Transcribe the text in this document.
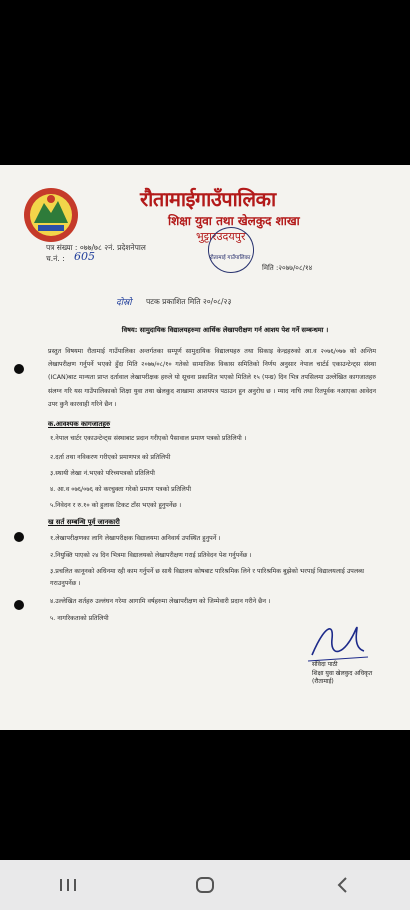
रौतामाईगाउँपालिका
शिक्षा युवा तथा खेलकुद शाखा
भुट्टारउदयपुर
पत्र संख्या : ०७७/७८ २नं. प्रदेशनेपाल
च.नं. : 605	रौतामाई गाउँपालिका
मिति :२०७७/०८/१४
दोस्रो पटक प्रकाशित मिति २०/०८/२३
विषय: सामुदायिक विद्यालयहरुमा आर्थिक लेखापरीक्षण गर्न आशय पेश गर्ने सम्बन्धमा ।
प्रस्तुत विषयमा रौतामाई गाउँपालिका अन्तर्गतका सम्पूर्ण सामुदायिक विद्यालयहरु तथा सिकाइ केन्द्रहरुको आ.व २०७६/०७७ को अन्तिम लेखापरीक्षण गर्नुपर्ने भएको हुँदा मिति २०७७/०८/१० गतेको सामाजिक विकास समितिको निर्णय अनुसार नेपाल चार्टर्ड एकाउन्टेन्ट्स संस्था (ICAN)बाट मान्यता प्राप्त दर्तावाल लेखापरीक्षक हरुले यो सूचना प्रकाशित भएको मितिले १५ (पन्ध्र) दिन भित्र तपसिलमा उल्लेखित कागजातहरु संलग्न गरि यस गाउँपालिकाको शिक्षा युवा तथा खेलकुद शाखामा आशयपत्र पठाउन हुन अनुरोध छ । म्याद नाघि तथा रितपूर्वक नआएका आवेदन उपर कुनै कारवाही गरिने छैन ।
क.आवश्यक कागजातहरु
१.नेपाल चार्टर एकाउन्टेन्ट्स संस्थाबाट प्रदान गरीएको पैसावाल प्रमाण पत्रको प्रतिलिपी ।
२.दर्ता तथा नविकरण गरीएको प्रमाणपत्र को प्रतिलिपी
३.स्थायी लेखा नं.भएको परिच्यपत्रको प्रतिलिपी
४. आ.व ०७६/०७६ को करचुक्ता गरेको प्रमाण पत्रको प्रतिलिपी
५.निवेदन र रु.१० को हुलाक टिकट टाँस भएको हुनुपर्नेछ ।
ख सर्त सम्बन्धि पूर्व जानकारी
१.लेखापरीक्षणका लागि लेखापरीक्षक विद्यालयमा अनिवार्य उपस्थित हुनुपर्ने ।
२.नियुक्ति पाएको २४ दिन भित्रमा विद्यालयको लेखापरीक्षण गराई प्रतिवेदन पेश गर्नुपर्नेछ ।
३.प्रचलित कानूनको अधिनमा रही काम गर्नुपर्ने छ साथै विद्यालय कोषबाट पारिश्रमिक लिने र पारिश्रमिक बुझेको भरपाई विद्यालयलाई उपलब्ध गराउनुपर्नेछ ।
४.उल्लेखित शर्तहरु उल्लंघन गरेमा आगामि वर्षहरुमा लेखापरीक्षण को जिम्मेवारी प्रदान गरीने छैन ।
५. नागरिकताको प्रतिलिपी
संविदा पाठी
शिक्षा युवा खेलकुद अधिकृत (रौतामाई)
